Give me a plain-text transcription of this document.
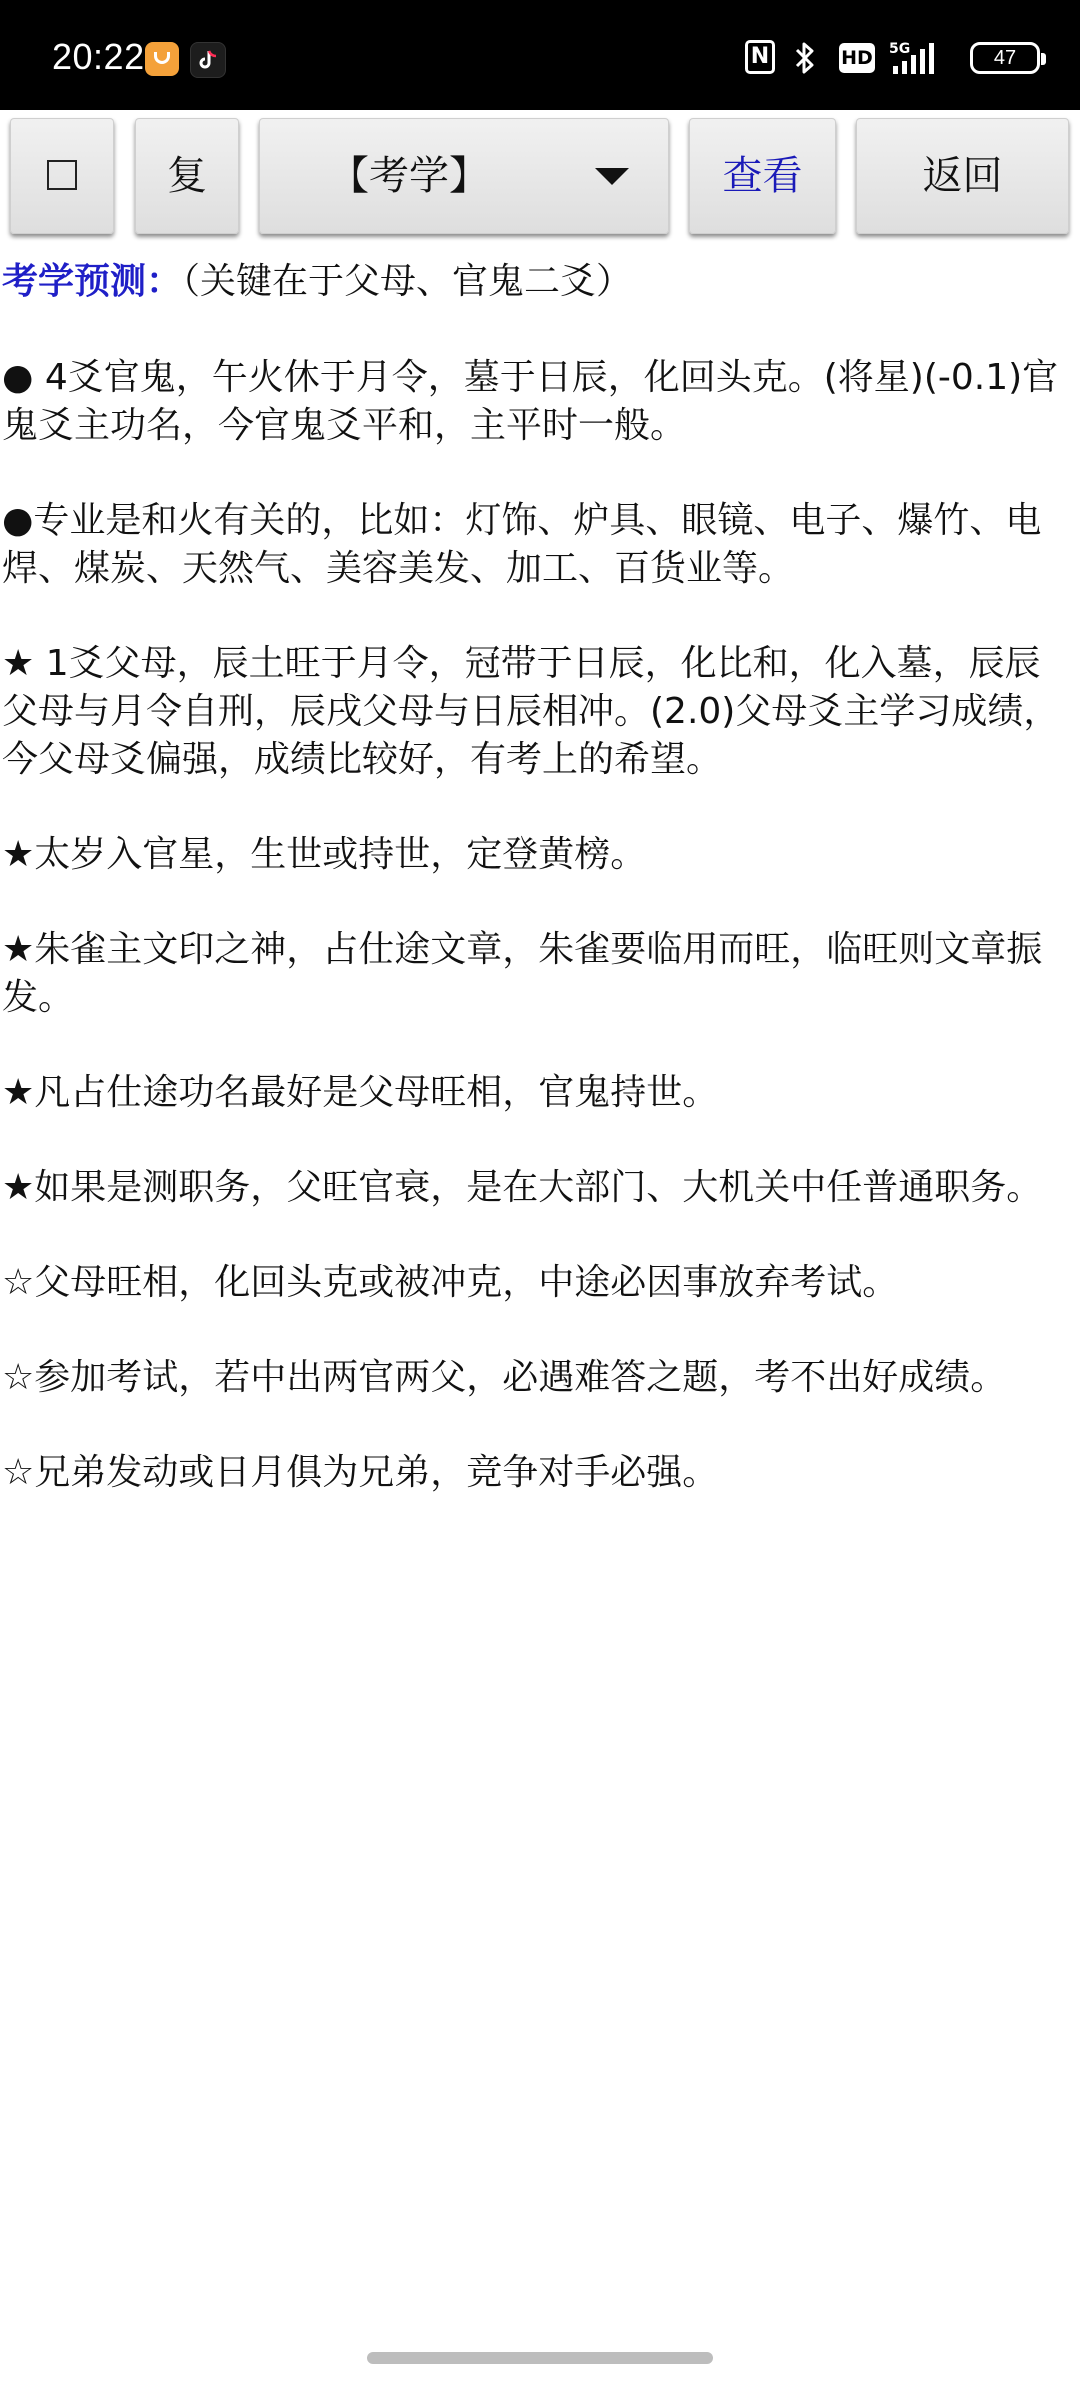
20:22	N	HD 5G	47
复	【考学】	查看	返回

考学预测：（关键在于父母、官鬼二爻）

● 4爻官鬼，午火休于月令，墓于日辰，化回头克。(将星)(-0.1)官鬼爻主功名，今官鬼爻平和，主平时一般。

●专业是和火有关的，比如：灯饰、炉具、眼镜、电子、爆竹、电焊、煤炭、天然气、美容美发、加工、百货业等。

★ 1爻父母，辰土旺于月令，冠带于日辰，化比和，化入墓，辰辰父母与月令自刑，辰戌父母与日辰相冲。(2.0)父母爻主学习成绩，今父母爻偏强，成绩比较好，有考上的希望。

★太岁入官星，生世或持世，定登黄榜。

★朱雀主文印之神，占仕途文章，朱雀要临用而旺，临旺则文章振发。

★凡占仕途功名最好是父母旺相，官鬼持世。

★如果是测职务，父旺官衰，是在大部门、大机关中任普通职务。

☆父母旺相，化回头克或被冲克，中途必因事放弃考试。

☆参加考试，若中出两官两父，必遇难答之题，考不出好成绩。

☆兄弟发动或日月俱为兄弟，竞争对手必强。
